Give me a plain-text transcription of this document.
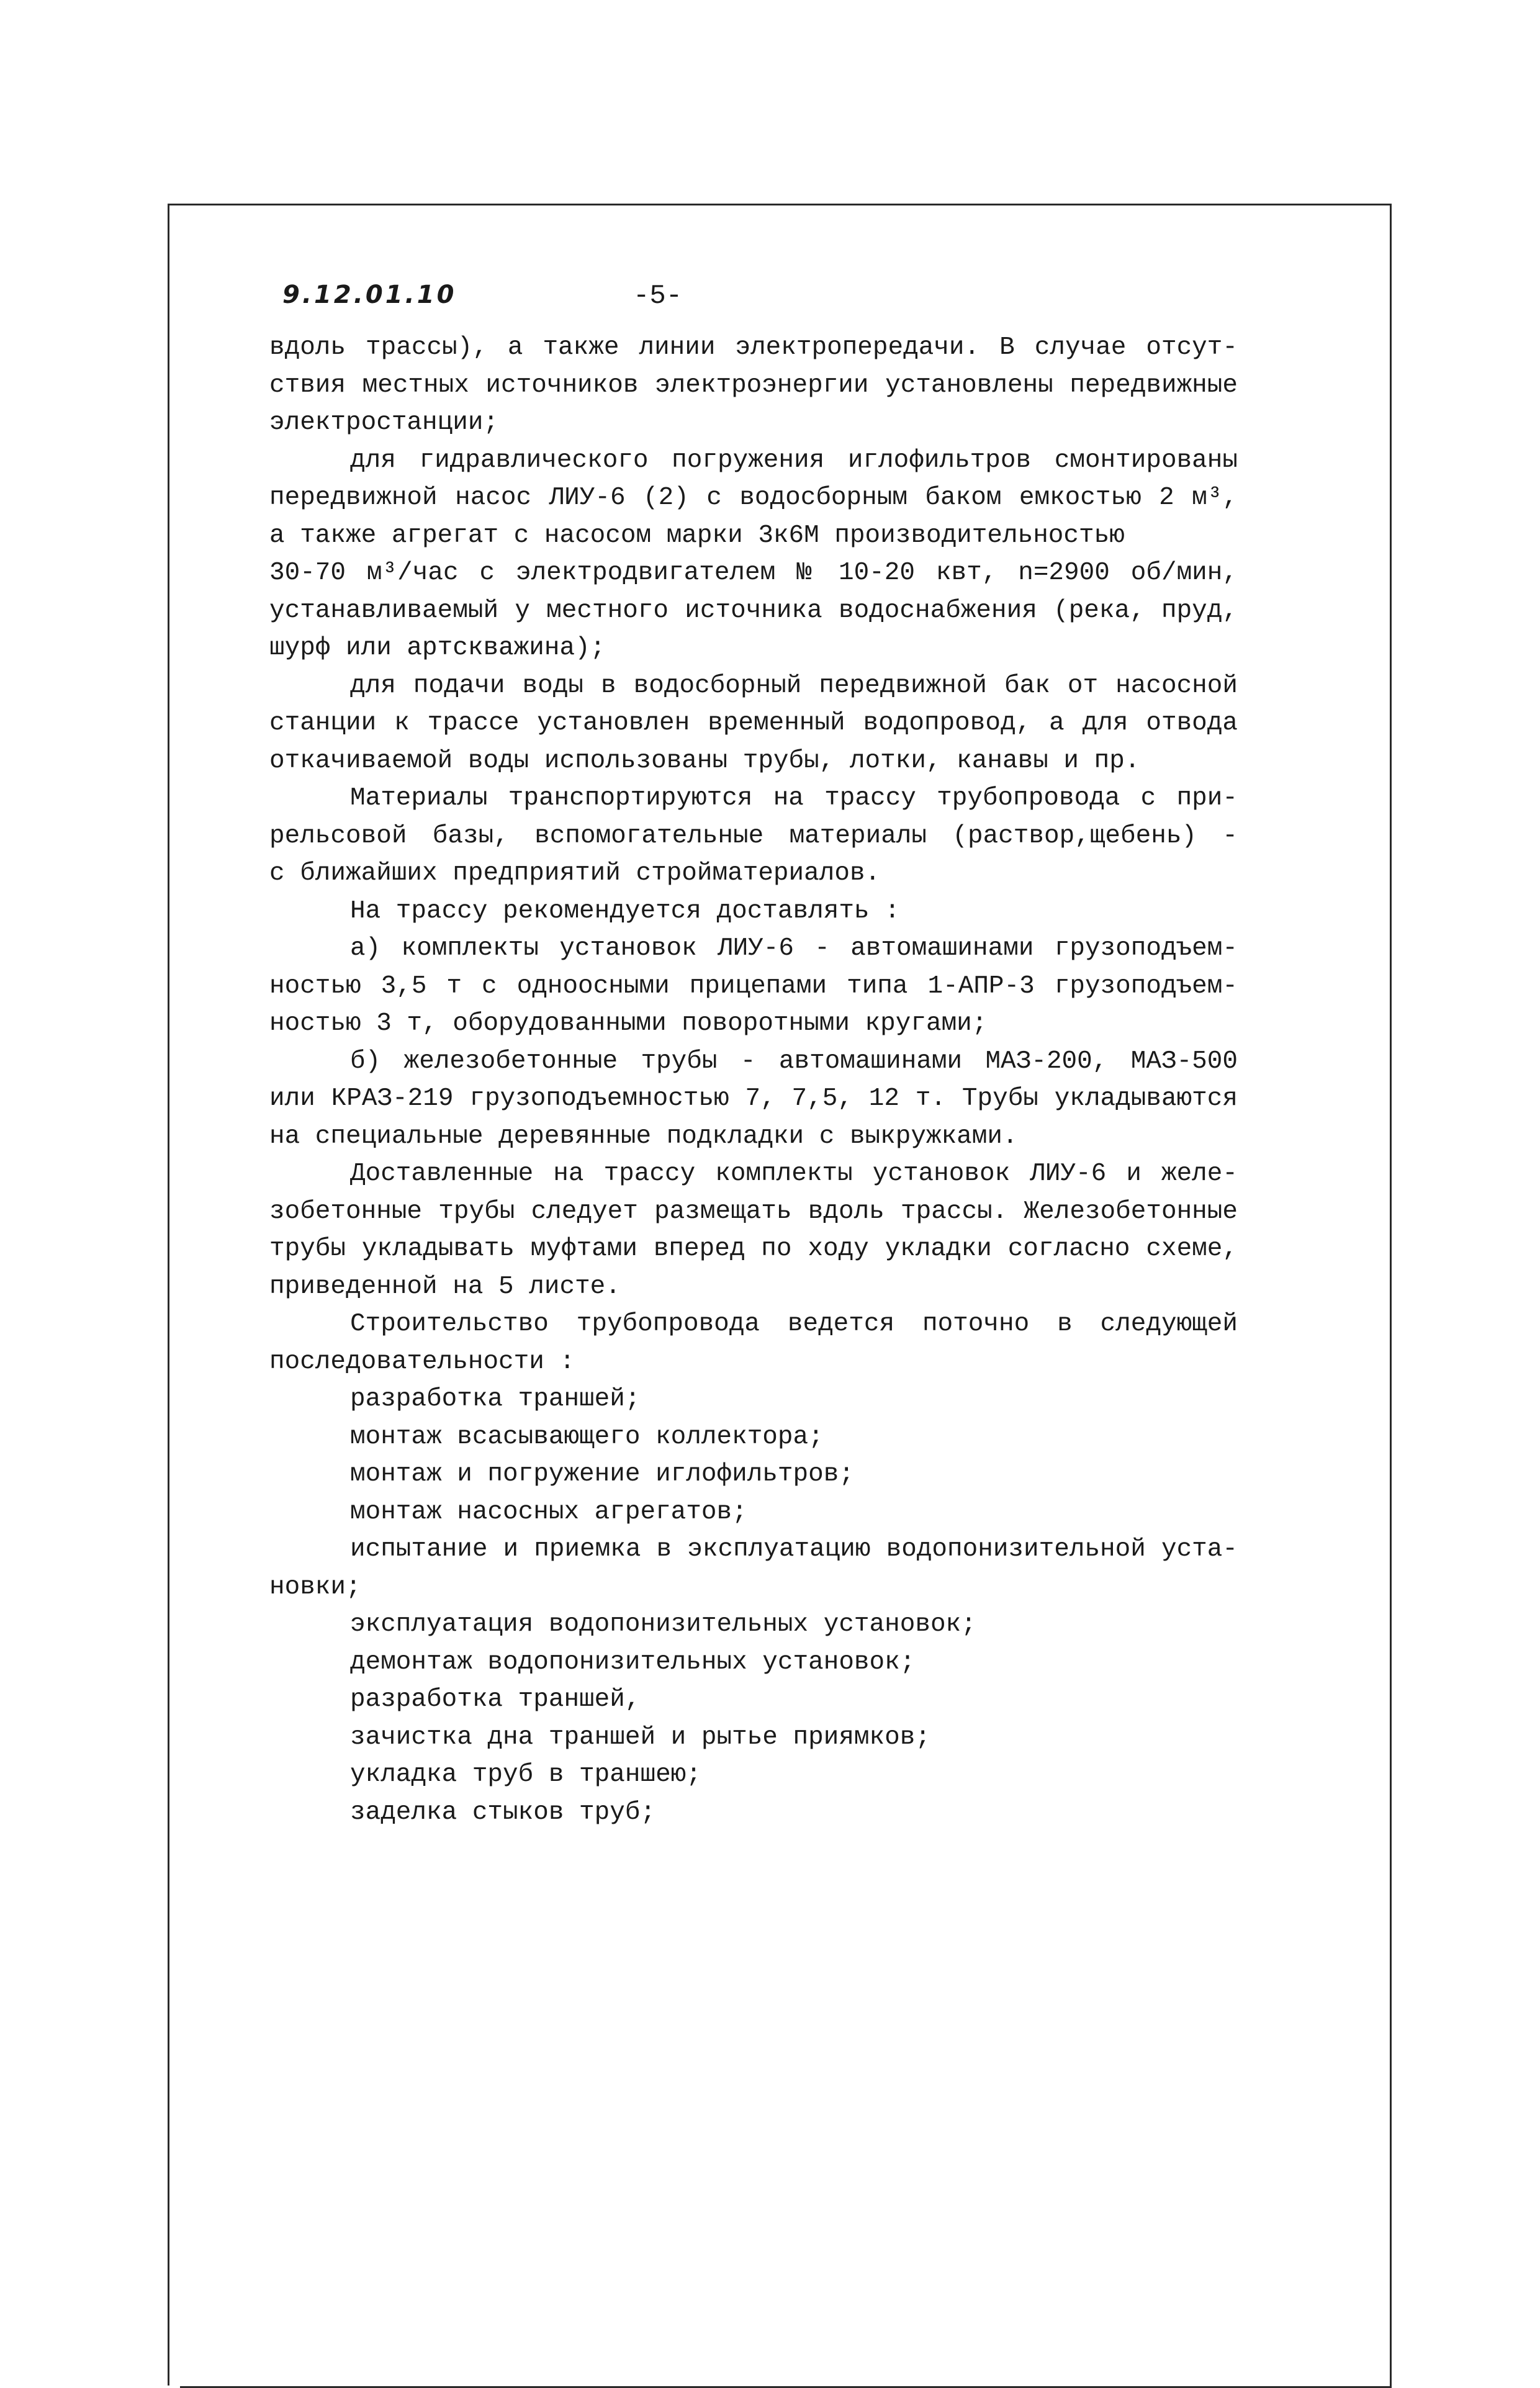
9.12.01.10	-5-
вдоль трассы), а также линии электропередачи. В случае отсут-
ствия местных источников электроэнергии установлены передвижные
электростанции;
для гидравлического погружения иглофильтров смонтированы
передвижной насос ЛИУ-6 (2) с водосборным баком емкостью 2 м³,
а также агрегат с насосом марки 3к6М производительностью
30-70 м³/час с электродвигателем № 10-20 квт, n=2900 об/мин,
устанавливаемый у местного источника водоснабжения (река, пруд,
шурф или артскважина);
для подачи воды в водосборный передвижной бак от насосной
станции к трассе установлен временный водопровод, а для отвода
откачиваемой воды использованы трубы, лотки, канавы и пр.
Материалы транспортируются на трассу трубопровода с при-
рельсовой базы, вспомогательные материалы (раствор,щебень) -
с ближайших предприятий стройматериалов.
На трассу рекомендуется доставлять :
а) комплекты установок ЛИУ-6 - автомашинами грузоподъем-
ностью 3,5 т с одноосными прицепами типа 1-АПР-3 грузоподъем-
ностью 3 т, оборудованными поворотными кругами;
б) железобетонные трубы - автомашинами МАЗ-200, МАЗ-500
или КРАЗ-219 грузоподъемностью 7, 7,5, 12 т. Трубы укладываются
на специальные деревянные подкладки с выкружками.
Доставленные на трассу комплекты установок ЛИУ-6 и желе-
зобетонные трубы следует размещать вдоль трассы. Железобетонные
трубы укладывать муфтами вперед по ходу укладки согласно схеме,
приведенной на 5 листе.
Строительство трубопровода ведется поточно в следующей
последовательности :
разработка траншей;
монтаж всасывающего коллектора;
монтаж и погружение иглофильтров;
монтаж насосных агрегатов;
испытание и приемка в эксплуатацию водопонизительной уста-
новки;
эксплуатация водопонизительных установок;
демонтаж водопонизительных установок;
разработка траншей,
зачистка дна траншей и рытье приямков;
укладка труб в траншею;
заделка стыков труб;
